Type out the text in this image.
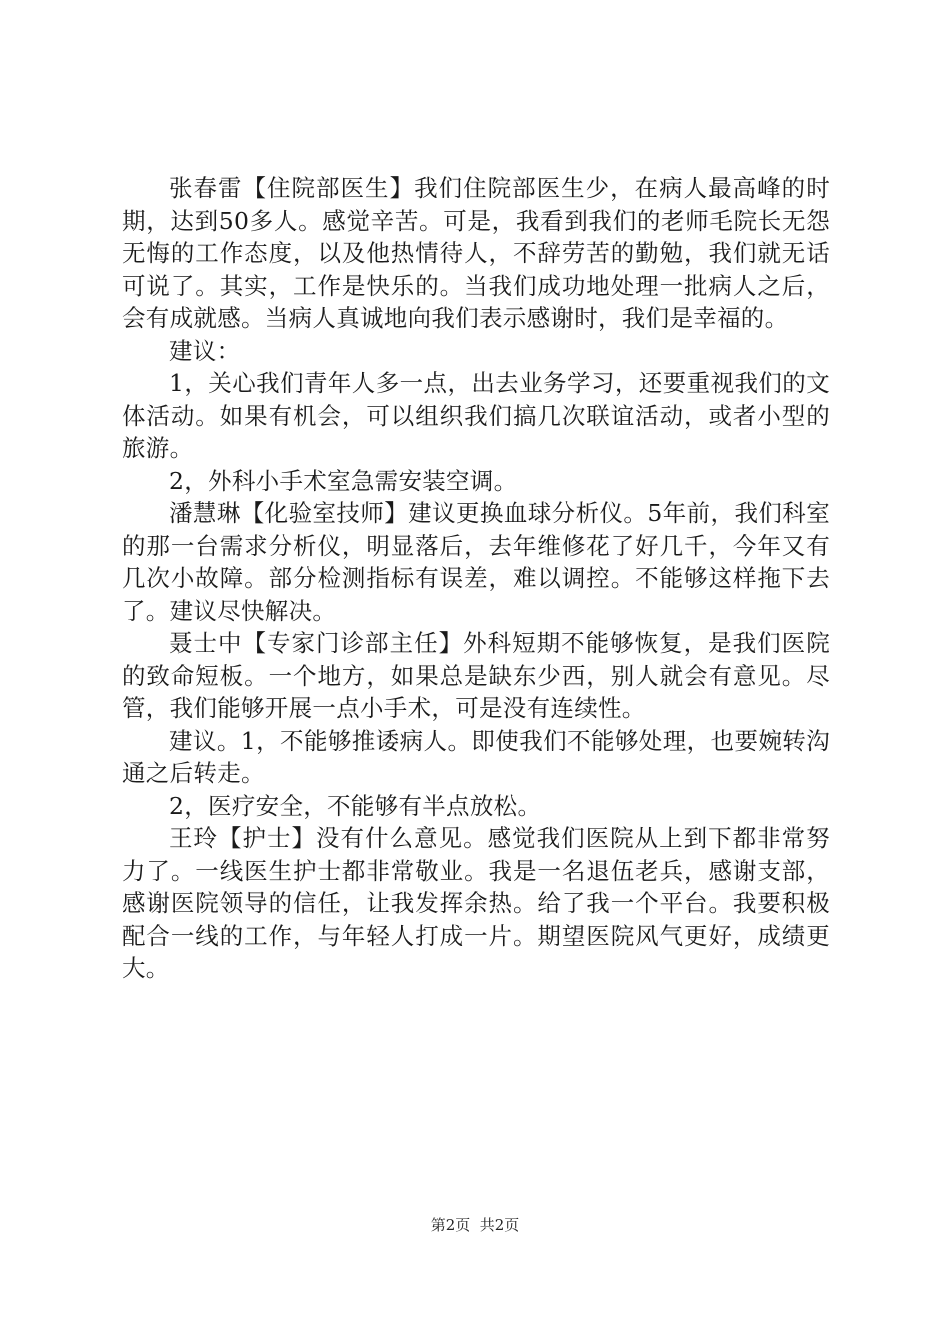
张春雷【住院部医生】我们住院部医生少，在病人最高峰的时期，达到50多人。感觉辛苦。可是，我看到我们的老师毛院长无怨无悔的工作态度，以及他热情待人，不辞劳苦的勤勉，我们就无话可说了。其实，工作是快乐的。当我们成功地处理一批病人之后，会有成就感。当病人真诚地向我们表示感谢时，我们是幸福的。

建议：

1，关心我们青年人多一点，出去业务学习，还要重视我们的文体活动。如果有机会，可以组织我们搞几次联谊活动，或者小型的旅游。

2，外科小手术室急需安装空调。

潘慧琳【化验室技师】建议更换血球分析仪。5年前，我们科室的那一台需求分析仪，明显落后，去年维修花了好几千，今年又有几次小故障。部分检测指标有误差，难以调控。不能够这样拖下去了。建议尽快解决。

聂士中【专家门诊部主任】外科短期不能够恢复，是我们医院的致命短板。一个地方，如果总是缺东少西，别人就会有意见。尽管，我们能够开展一点小手术，可是没有连续性。

建议。1，不能够推诿病人。即使我们不能够处理，也要婉转沟通之后转走。

2，医疗安全，不能够有半点放松。

王玲【护士】没有什么意见。感觉我们医院从上到下都非常努力了。一线医生护士都非常敬业。我是一名退伍老兵，感谢支部，感谢医院领导的信任，让我发挥余热。给了我一个平台。我要积极配合一线的工作，与年轻人打成一片。期望医院风气更好，成绩更大。

第2页  共2页
